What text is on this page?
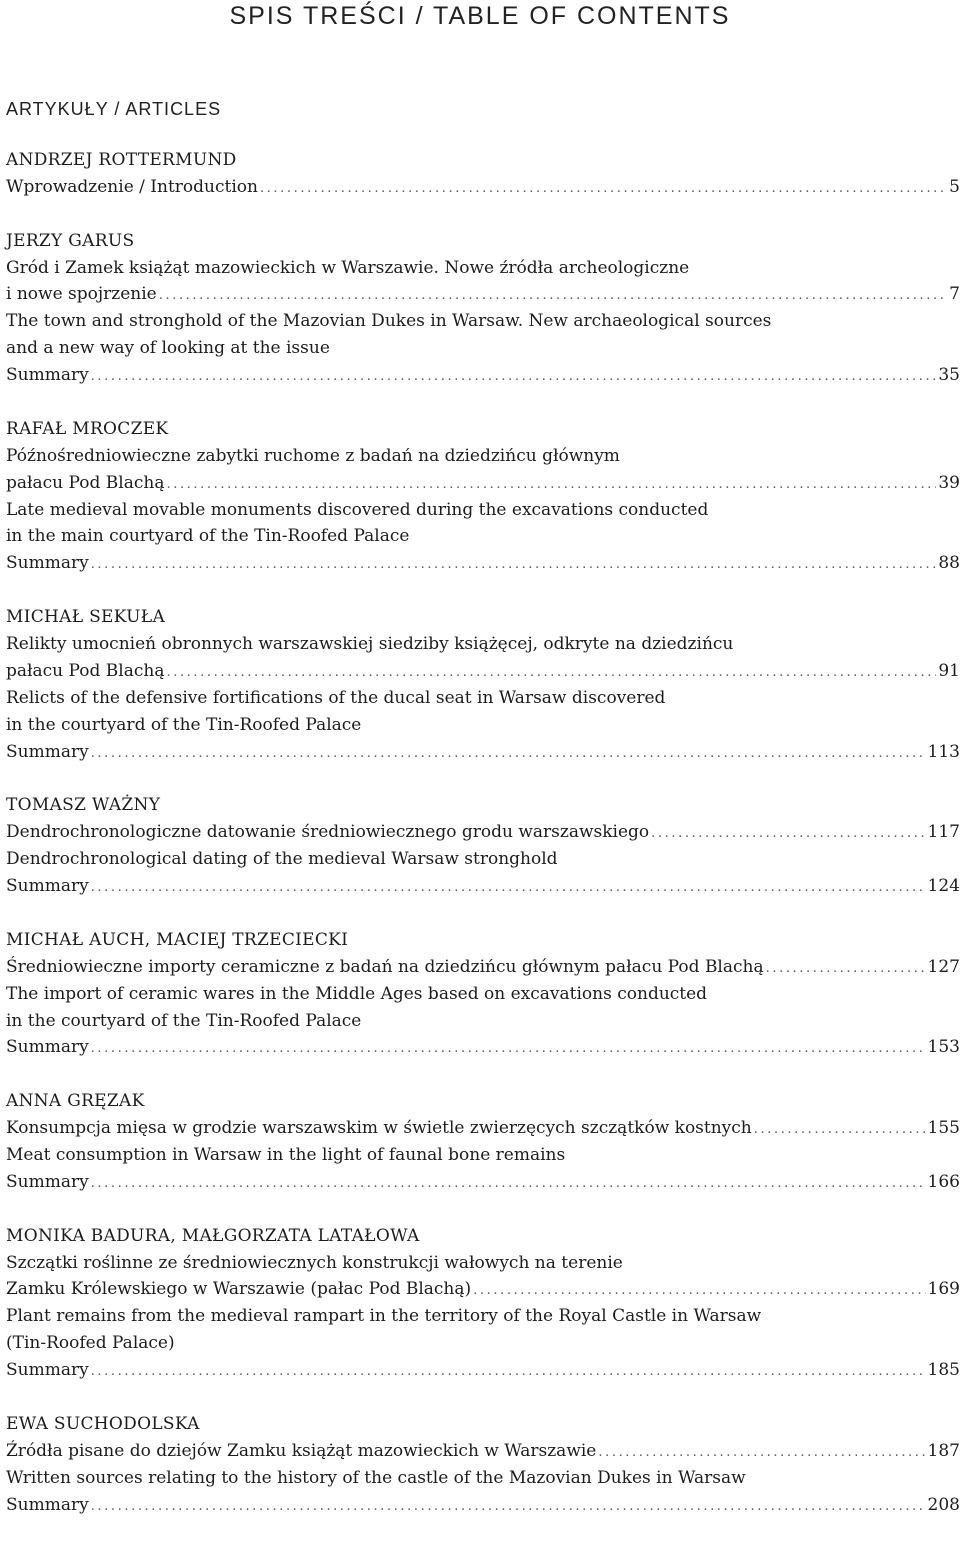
SPIS TREŚCI / TABLE OF CONTENTS
ARTYKUŁY / ARTICLES
ANDRZEJ ROTTERMUND
Wprowadzenie / Introduction .....	5
JERZY GARUS
Gród i Zamek książąt mazowieckich w Warszawie. Nowe źródła archeologiczne
i nowe spojrzenie .....	7
The town and stronghold of the Mazovian Dukes in Warsaw. New archaeological sources
and a new way of looking at the issue
Summary .....	35
RAFAŁ MROCZEK
Późnośredniowieczne zabytki ruchome z badań na dziedzińcu głównym
pałacu Pod Blachą .....	39
Late medieval movable monuments discovered during the excavations conducted
in the main courtyard of the Tin-Roofed Palace
Summary .....	88
MICHAŁ SEKUŁA
Relikty umocnień obronnych warszawskiej siedziby książęcej, odkryte na dziedzińcu
pałacu Pod Blachą .....	91
Relicts of the defensive fortifications of the ducal seat in Warsaw discovered
in the courtyard of the Tin-Roofed Palace
Summary .....	113
TOMASZ WAŻNY
Dendrochronologiczne datowanie średniowiecznego grodu warszawskiego .....	117
Dendrochronological dating of the medieval Warsaw stronghold
Summary .....	124
MICHAŁ AUCH, MACIEJ TRZECIECKI
Średniowieczne importy ceramiczne z badań na dziedzińcu głównym pałacu Pod Blachą .....	127
The import of ceramic wares in the Middle Ages based on excavations conducted
in the courtyard of the Tin-Roofed Palace
Summary .....	153
ANNA GRĘZAK
Konsumpcja mięsa w grodzie warszawskim w świetle zwierzęcych szczątków kostnych .....	155
Meat consumption in Warsaw in the light of faunal bone remains
Summary .....	166
MONIKA BADURA, MAŁGORZATA LATAŁOWA
Szczątki roślinne ze średniowiecznych konstrukcji wałowych na terenie
Zamku Królewskiego w Warszawie (pałac Pod Blachą) .....	169
Plant remains from the medieval rampart in the territory of the Royal Castle in Warsaw
(Tin-Roofed Palace)
Summary .....	185
EWA SUCHODOLSKA
Źródła pisane do dziejów Zamku książąt mazowieckich w Warszawie .....	187
Written sources relating to the history of the castle of the Mazovian Dukes in Warsaw
Summary .....	208
